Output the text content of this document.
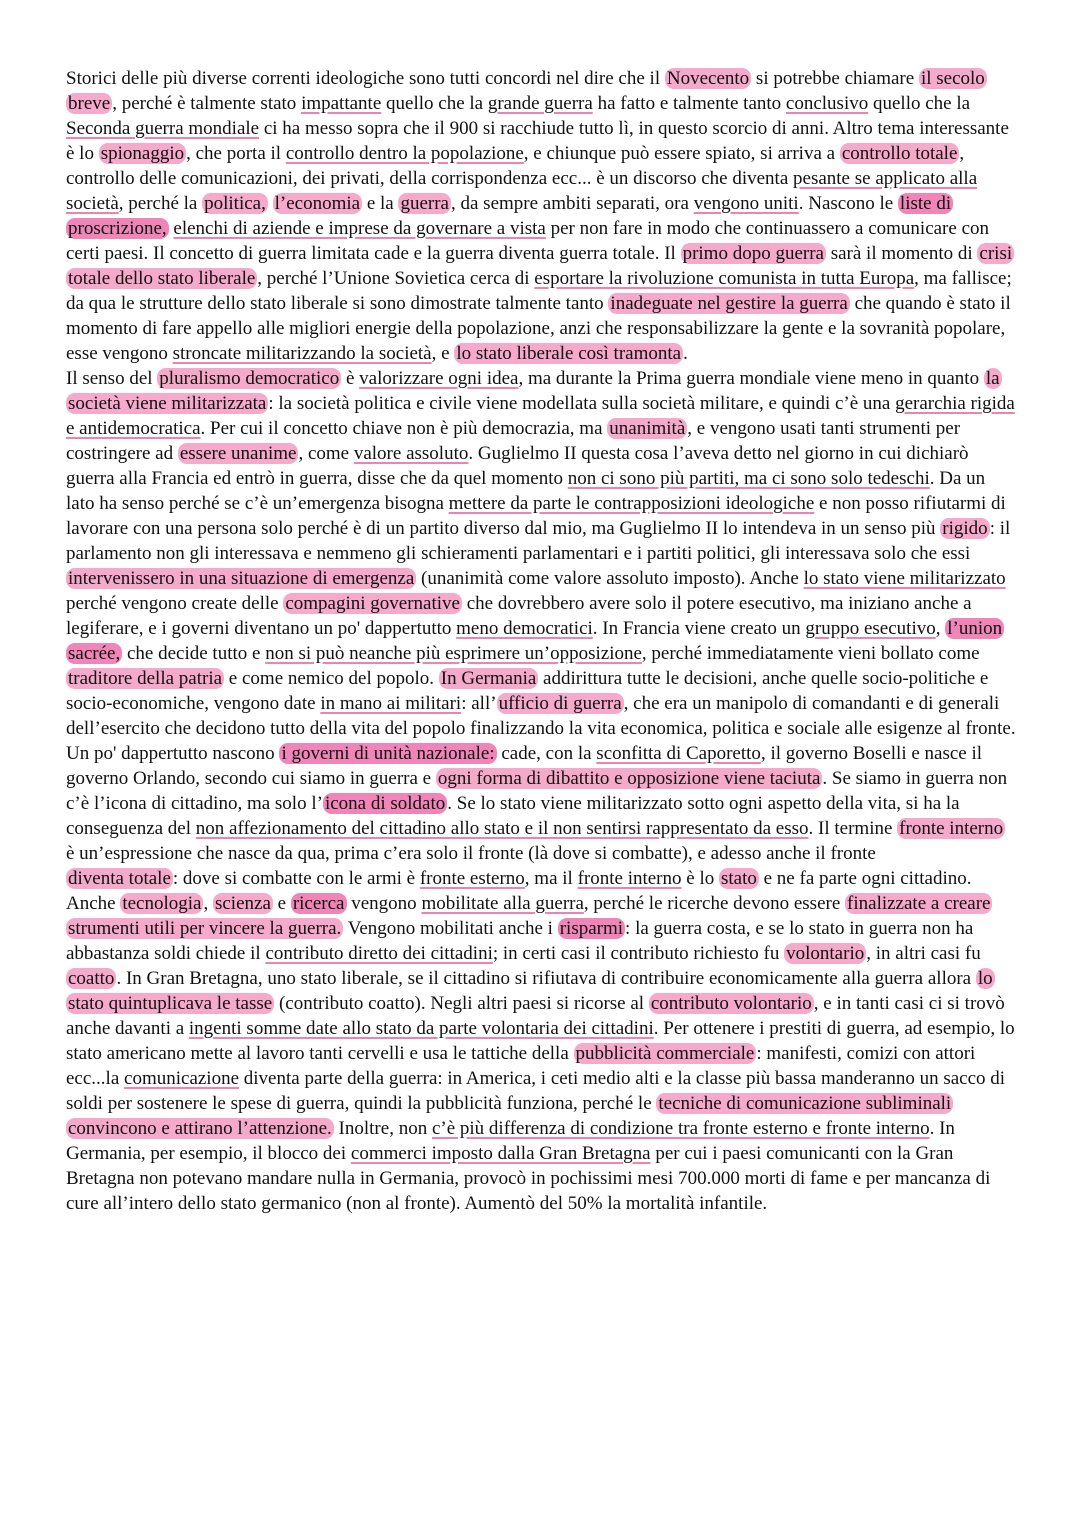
Storici delle più diverse correnti ideologiche sono tutti concordi nel dire che il Novecento si potrebbe chiamare il secolo breve , perché è talmente stato impattante quello che la grande guerra ha fatto e talmente tanto conclusivo quello che la Seconda guerra mondiale ci ha messo sopra che il 900 si racchiude tutto lì, in questo scorcio di anni. Altro tema interessante è lo spionaggio , che porta il controllo dentro la popolazione, e chiunque può essere spiato, si arriva a controllo totale , controllo delle comunicazioni, dei privati, della corrispondenza ecc... è un discorso che diventa pesante se applicato alla società, perché la politica, l’economia e la guerra , da sempre ambiti separati, ora vengono uniti. Nascono le liste di proscrizione, elenchi di aziende e imprese da governare a vista per non fare in modo che continuassero a comunicare con certi paesi. Il concetto di guerra limitata cade e la guerra diventa guerra totale. Il primo dopo guerra sarà il momento di crisi totale dello stato liberale , perché l’Unione Sovietica cerca di esportare la rivoluzione comunista in tutta Europa, ma fallisce; da qua le strutture dello stato liberale si sono dimostrate talmente tanto inadeguate nel gestire la guerra che quando è stato il momento di fare appello alle migliori energie della popolazione, anzi che responsabilizzare la gente e la sovranità popolare, esse vengono stroncate militarizzando la società, e lo stato liberale così tramonta .

Il senso del pluralismo democratico è valorizzare ogni idea, ma durante la Prima guerra mondiale viene meno in quanto la società viene militarizzata : la società politica e civile viene modellata sulla società militare, e quindi c’è una gerarchia rigida e antidemocratica. Per cui il concetto chiave non è più democrazia, ma unanimità , e vengono usati tanti strumenti per costringere ad essere unanime , come valore assoluto. Guglielmo II questa cosa l’aveva detto nel giorno in cui dichiarò guerra alla Francia ed entrò in guerra, disse che da quel momento non ci sono più partiti, ma ci sono solo tedeschi. Da un lato ha senso perché se c’è un’emergenza bisogna mettere da parte le contrapposizioni ideologiche e non posso rifiutarmi di lavorare con una persona solo perché è di un partito diverso dal mio, ma Guglielmo II lo intendeva in un senso più rigido : il parlamento non gli interessava e nemmeno gli schieramenti parlamentari e i partiti politici, gli interessava solo che essi intervenissero in una situazione di emergenza (unanimità come valore assoluto imposto). Anche lo stato viene militarizzato perché vengono create delle compagini governative che dovrebbero avere solo il potere esecutivo, ma iniziano anche a legiferare, e i governi diventano un po' dappertutto meno democratici. In Francia viene creato un gruppo esecutivo, l’union sacrée, che decide tutto e non si può neanche più esprimere un’opposizione, perché immediatamente vieni bollato come traditore della patria e come nemico del popolo. In Germania addirittura tutte le decisioni, anche quelle socio-politiche e socio-economiche, vengono date in mano ai militari: all’ ufficio di guerra , che era un manipolo di comandanti e di generali dell’esercito che decidono tutto della vita del popolo finalizzando la vita economica, politica e sociale alle esigenze al fronte. Un po' dappertutto nascono i governi di unità nazionale: cade, con la sconfitta di Caporetto, il governo Boselli e nasce il governo Orlando, secondo cui siamo in guerra e ogni forma di dibattito e opposizione viene taciuta . Se siamo in guerra non c’è l’icona di cittadino, ma solo l’ icona di soldato . Se lo stato viene militarizzato sotto ogni aspetto della vita, si ha la conseguenza del non affezionamento del cittadino allo stato e il non sentirsi rappresentato da esso. Il termine fronte interno è un’espressione che nasce da qua, prima c’era solo il fronte (là dove si combatte), e adesso anche il fronte

diventa totale : dove si combatte con le armi è fronte esterno, ma il fronte interno è lo stato e ne fa parte ogni cittadino. Anche tecnologia , scienza e ricerca vengono mobilitate alla guerra, perché le ricerche devono essere finalizzate a creare strumenti utili per vincere la guerra. Vengono mobilitati anche i risparmi : la guerra costa, e se lo stato in guerra non ha abbastanza soldi chiede il contributo diretto dei cittadini; in certi casi il contributo richiesto fu volontario , in altri casi fu coatto . In Gran Bretagna, uno stato liberale, se il cittadino si rifiutava di contribuire economicamente alla guerra allora lo stato quintuplicava le tasse (contributo coatto). Negli altri paesi si ricorse al contributo volontario , e in tanti casi ci si trovò anche davanti a ingenti somme date allo stato da parte volontaria dei cittadini. Per ottenere i prestiti di guerra, ad esempio, lo stato americano mette al lavoro tanti cervelli e usa le tattiche della pubblicità commerciale : manifesti, comizi con attori ecc...la comunicazione diventa parte della guerra: in America, i ceti medio alti e la classe più bassa manderanno un sacco di soldi per sostenere le spese di guerra, quindi la pubblicità funziona, perché le tecniche di comunicazione subliminali convincono e attirano l’attenzione. Inoltre, non c’è più differenza di condizione tra fronte esterno e fronte interno. In Germania, per esempio, il blocco dei commerci imposto dalla Gran Bretagna per cui i paesi comunicanti con la Gran Bretagna non potevano mandare nulla in Germania, provocò in pochissimi mesi 700.000 morti di fame e per mancanza di cure all’intero dello stato germanico (non al fronte). Aumentò del 50% la mortalità infantile.
